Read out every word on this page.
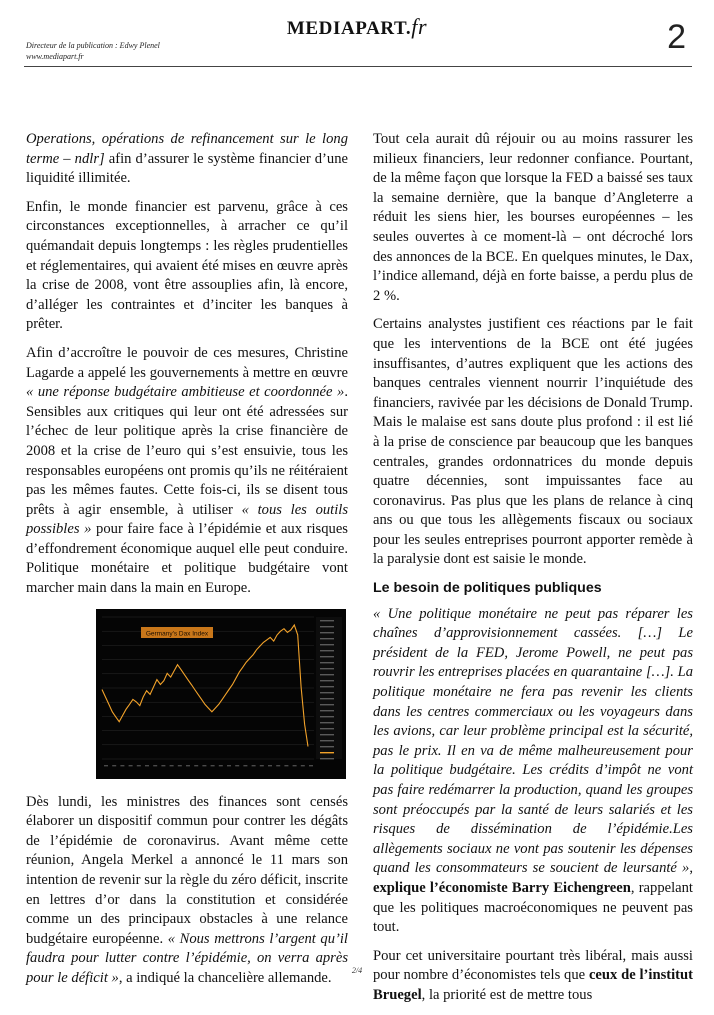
Directeur de la publication : Edwy Plenel
www.mediapart.fr
MEDIAPART.fr	2

Operations, opérations de refinancement sur le long terme – ndlr] afin d’assurer le système financier d’une liquidité illimitée.

Enfin, le monde financier est parvenu, grâce à ces circonstances exceptionnelles, à arracher ce qu’il quémandait depuis longtemps : les règles prudentielles et réglementaires, qui avaient été mises en œuvre après la crise de 2008, vont être assouplies afin, là encore, d’alléger les contraintes et d’inciter les banques à prêter.

Afin d’accroître le pouvoir de ces mesures, Christine Lagarde a appelé les gouvernements à mettre en œuvre « une réponse budgétaire ambitieuse et coordonnée ». Sensibles aux critiques qui leur ont été adressées sur l’échec de leur politique après la crise financière de 2008 et la crise de l’euro qui s’est ensuivie, tous les responsables européens ont promis qu’ils ne réitéraient pas les mêmes fautes. Cette fois-ci, ils se disent tous prêts à agir ensemble, à utiliser « tous les outils possibles » pour faire face à l’épidémie et aux risques d’effondrement économique auquel elle peut conduire. Politique monétaire et politique budgétaire vont marcher main dans la main en Europe.

Germany's Dax Index

Dès lundi, les ministres des finances sont censés élaborer un dispositif commun pour contrer les dégâts de l’épidémie de coronavirus. Avant même cette réunion, Angela Merkel a annoncé le 11 mars son intention de revenir sur la règle du zéro déficit, inscrite en lettres d’or dans la constitution et considérée comme un des principaux obstacles à une relance budgétaire européenne. « Nous mettrons l’argent qu’il faudra pour lutter contre l’épidémie, on verra après pour le déficit », a indiqué la chancelière allemande.

Tout cela aurait dû réjouir ou au moins rassurer les milieux financiers, leur redonner confiance. Pourtant, de la même façon que lorsque la FED a baissé ses taux la semaine dernière, que la banque d’Angleterre a réduit les siens hier, les bourses européennes – les seules ouvertes à ce moment-là – ont décroché lors des annonces de la BCE. En quelques minutes, le Dax, l’indice allemand, déjà en forte baisse, a perdu plus de 2 %.

Certains analystes justifient ces réactions par le fait que les interventions de la BCE ont été jugées insuffisantes, d’autres expliquent que les actions des banques centrales viennent nourrir l’inquiétude des financiers, ravivée par les décisions de Donald Trump. Mais le malaise est sans doute plus profond : il est lié à la prise de conscience par beaucoup que les banques centrales, grandes ordonnatrices du monde depuis quatre décennies, sont impuissantes face au coronavirus. Pas plus que les plans de relance à cinq ans ou que tous les allègements fiscaux ou sociaux pour les seules entreprises pourront apporter remède à la paralysie dont est saisie le monde.

Le besoin de politiques publiques

« Une politique monétaire ne peut pas réparer les chaînes d’approvisionnement cassées. […] Le président de la FED, Jerome Powell, ne peut pas rouvrir les entreprises placées en quarantaine […]. La politique monétaire ne fera pas revenir les clients dans les centres commerciaux ou les voyageurs dans les avions, car leur problème principal est la sécurité, pas le prix. Il en va de même malheureusement pour la politique budgétaire. Les crédits d’impôt ne vont pas faire redémarrer la production, quand les groupes sont préoccupés par la santé de leurs salariés et les risques de dissémination de l’épidémie.Les allègements sociaux ne vont pas soutenir les dépenses quand les consommateurs se soucient de leursanté », explique l’économiste Barry Eichengreen, rappelant que les politiques macroéconomiques ne peuvent pas tout.

Pour cet universitaire pourtant très libéral, mais aussi pour nombre d’économistes tels que ceux de l’institut Bruegel, la priorité est de mettre tous

2/4
